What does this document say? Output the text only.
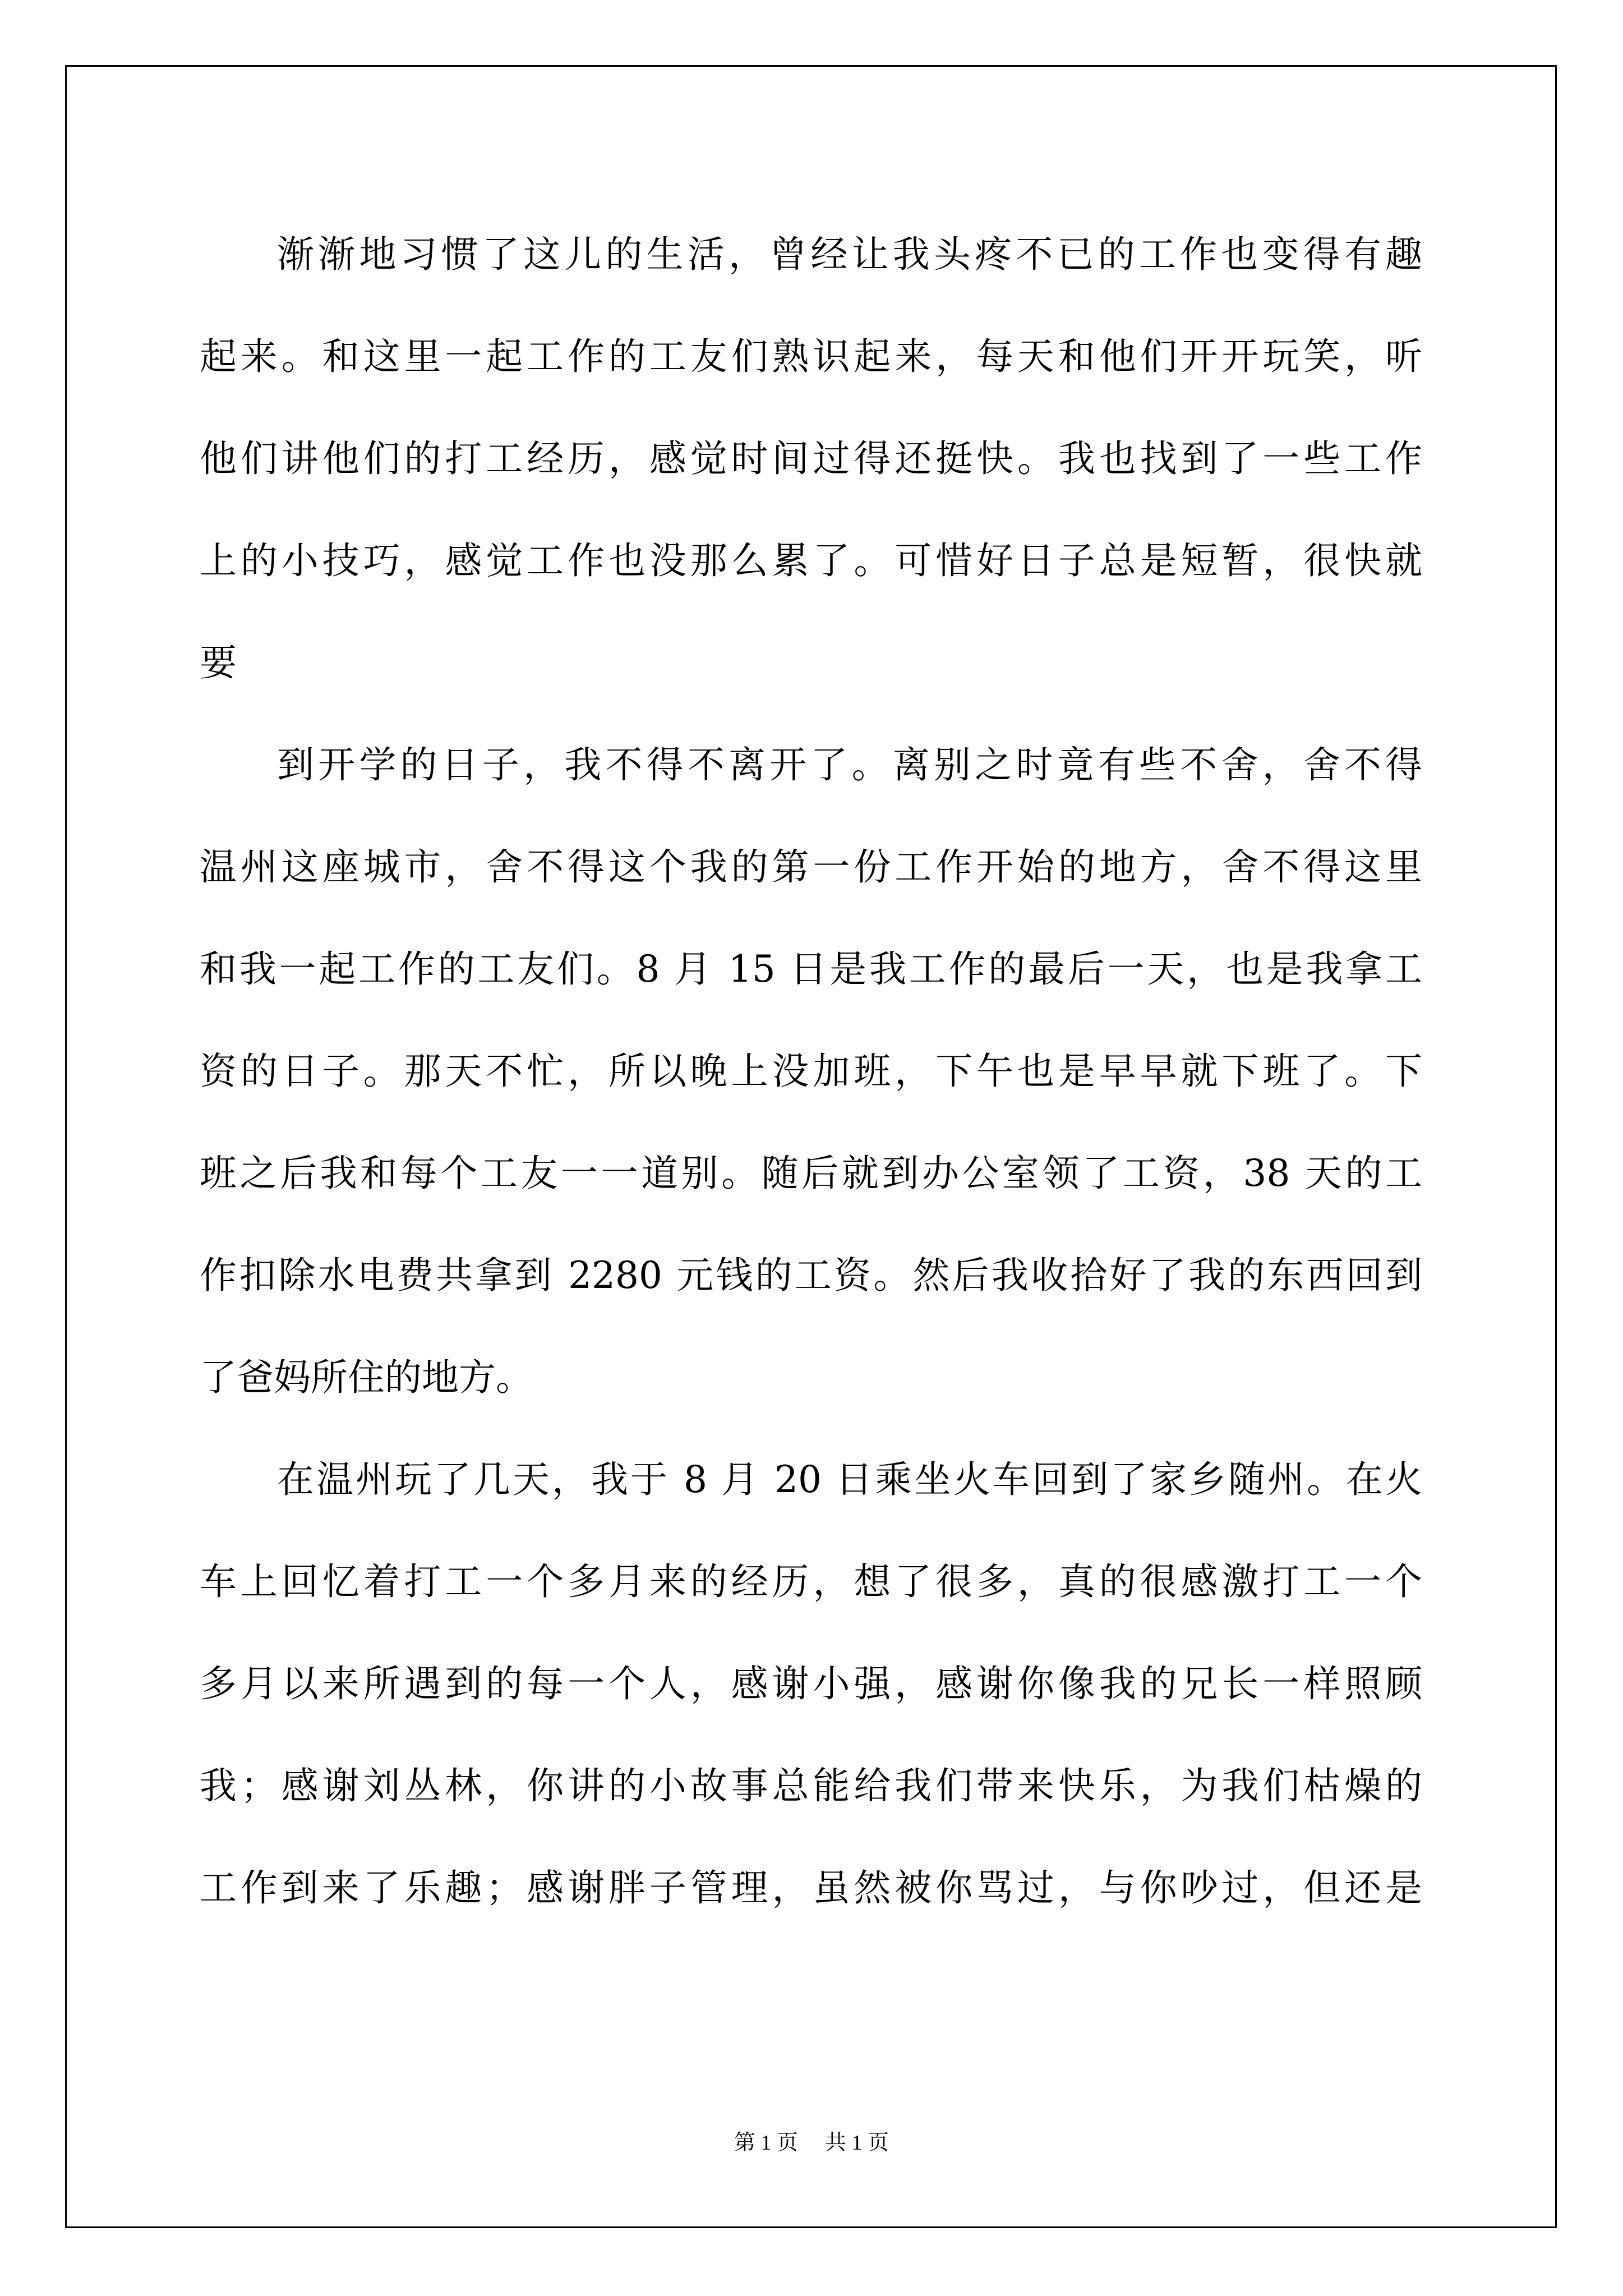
渐渐地习惯了这儿的生活，曾经让我头疼不已的工作也变得有趣
起来。和这里一起工作的工友们熟识起来，每天和他们开开玩笑，听
他们讲他们的打工经历，感觉时间过得还挺快。我也找到了一些工作
上的小技巧，感觉工作也没那么累了。可惜好日子总是短暂，很快就
要
到开学的日子，我不得不离开了。离别之时竟有些不舍，舍不得
温州这座城市，舍不得这个我的第一份工作开始的地方，舍不得这里
和我一起工作的工友们。8 月 15 日是我工作的最后一天，也是我拿工
资的日子。那天不忙，所以晚上没加班，下午也是早早就下班了。下
班之后我和每个工友一一道别。随后就到办公室领了工资，38 天的工
作扣除水电费共拿到 2280 元钱的工资。然后我收拾好了我的东西回到
了爸妈所住的地方。
在温州玩了几天，我于 8 月 20 日乘坐火车回到了家乡随州。在火
车上回忆着打工一个多月来的经历，想了很多，真的很感激打工一个
多月以来所遇到的每一个人，感谢小强，感谢你像我的兄长一样照顾
我；感谢刘丛林，你讲的小故事总能给我们带来快乐，为我们枯燥的
工作到来了乐趣；感谢胖子管理，虽然被你骂过，与你吵过，但还是
第 1 页 共 1 页
